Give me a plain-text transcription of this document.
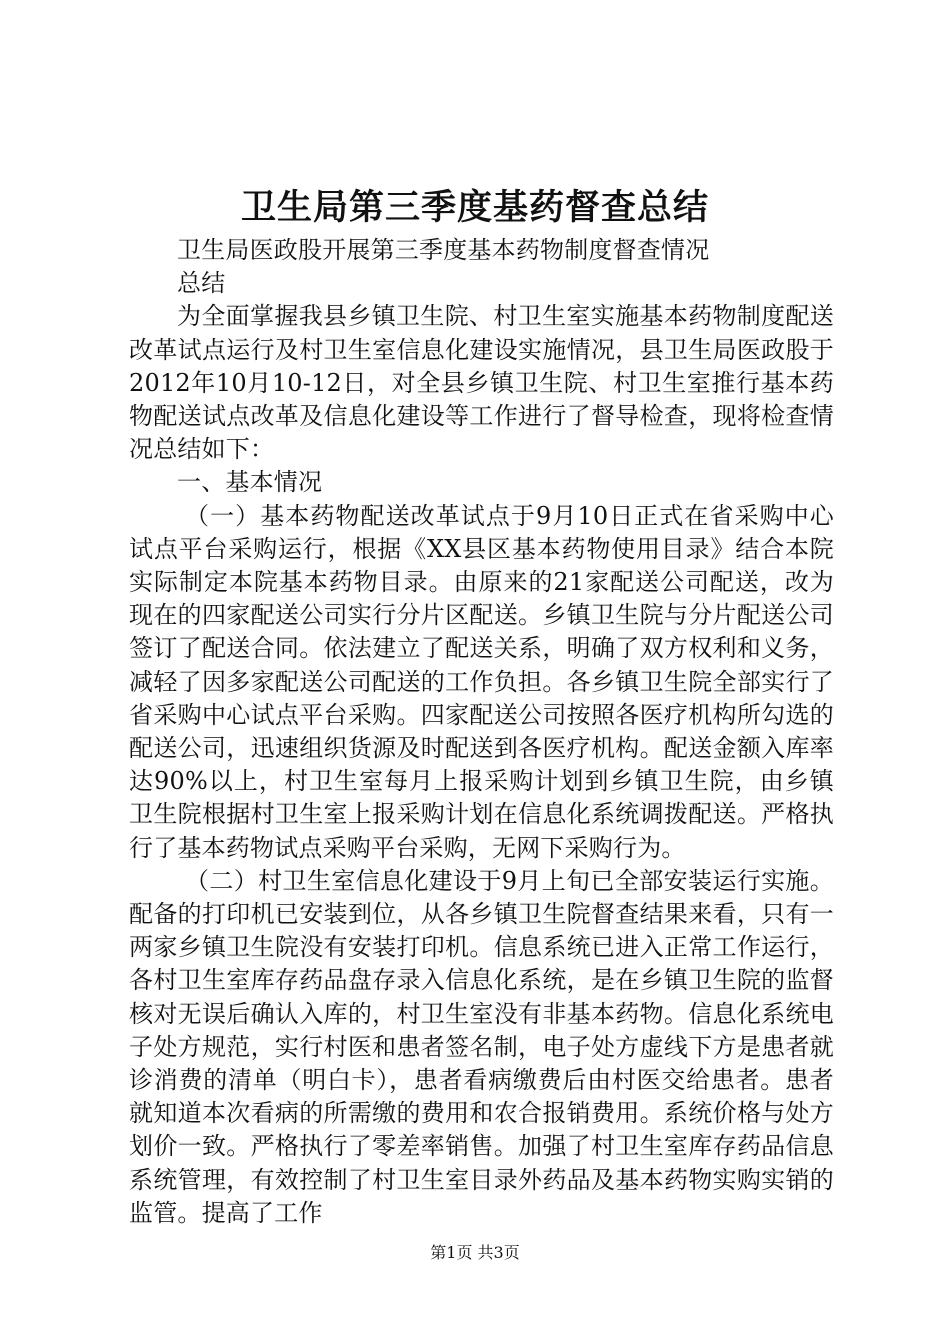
卫生局第三季度基药督查总结

卫生局医政股开展第三季度基本药物制度督查情况总结

为全面掌握我县乡镇卫生院、村卫生室实施基本药物制度配送改革试点运行及村卫生室信息化建设实施情况，县卫生局医政股于2012年10月10-12日，对全县乡镇卫生院、村卫生室推行基本药物配送试点改革及信息化建设等工作进行了督导检查，现将检查情况总结如下：

一、基本情况

（一）基本药物配送改革试点于9月10日正式在省采购中心试点平台采购运行，根据《XX县区基本药物使用目录》结合本院实际制定本院基本药物目录。由原来的21家配送公司配送，改为现在的四家配送公司实行分片区配送。乡镇卫生院与分片配送公司签订了配送合同。依法建立了配送关系，明确了双方权利和义务，减轻了因多家配送公司配送的工作负担。各乡镇卫生院全部实行了省采购中心试点平台采购。四家配送公司按照各医疗机构所勾选的配送公司，迅速组织货源及时配送到各医疗机构。配送金额入库率达90%以上，村卫生室每月上报采购计划到乡镇卫生院，由乡镇卫生院根据村卫生室上报采购计划在信息化系统调拨配送。严格执行了基本药物试点采购平台采购，无网下采购行为。

（二）村卫生室信息化建设于9月上旬已全部安装运行实施。配备的打印机已安装到位，从各乡镇卫生院督查结果来看，只有一两家乡镇卫生院没有安装打印机。信息系统已进入正常工作运行，各村卫生室库存药品盘存录入信息化系统，是在乡镇卫生院的监督核对无误后确认入库的，村卫生室没有非基本药物。信息化系统电子处方规范，实行村医和患者签名制，电子处方虚线下方是患者就诊消费的清单（明白卡），患者看病缴费后由村医交给患者。患者就知道本次看病的所需缴的费用和农合报销费用。系统价格与处方划价一致。严格执行了零差率销售。加强了村卫生室库存药品信息系统管理，有效控制了村卫生室目录外药品及基本药物实购实销的监管。提高了工作

第1页 共3页
